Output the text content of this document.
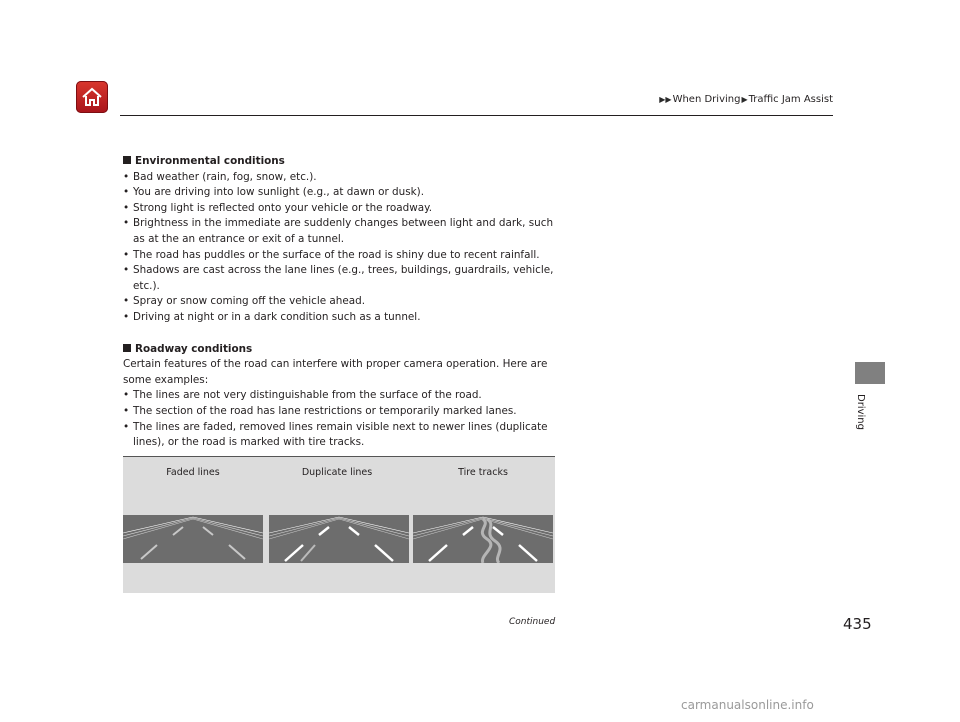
▶▶ When Driving ▶ Traffic Jam Assist
Driving

Environmental conditions

• Bad weather (rain, fog, snow, etc.).
• You are driving into low sunlight (e.g., at dawn or dusk).
• Strong light is reflected onto your vehicle or the roadway.
• Brightness in the immediate are suddenly changes between light and dark, such as at the an entrance or exit of a tunnel.
• The road has puddles or the surface of the road is shiny due to recent rainfall.
• Shadows are cast across the lane lines (e.g., trees, buildings, guardrails, vehicle, etc.).
• Spray or snow coming off the vehicle ahead.
• Driving at night or in a dark condition such as a tunnel.

Roadway conditions

Certain features of the road can interfere with proper camera operation. Here are some examples:

• The lines are not very distinguishable from the surface of the road.
• The section of the road has lane restrictions or temporarily marked lanes.
• The lines are faded, removed lines remain visible next to newer lines (duplicate lines), or the road is marked with tire tracks.
Faded lines	Duplicate lines	Tire tracks
Continued	435
carmanualsonline.info
